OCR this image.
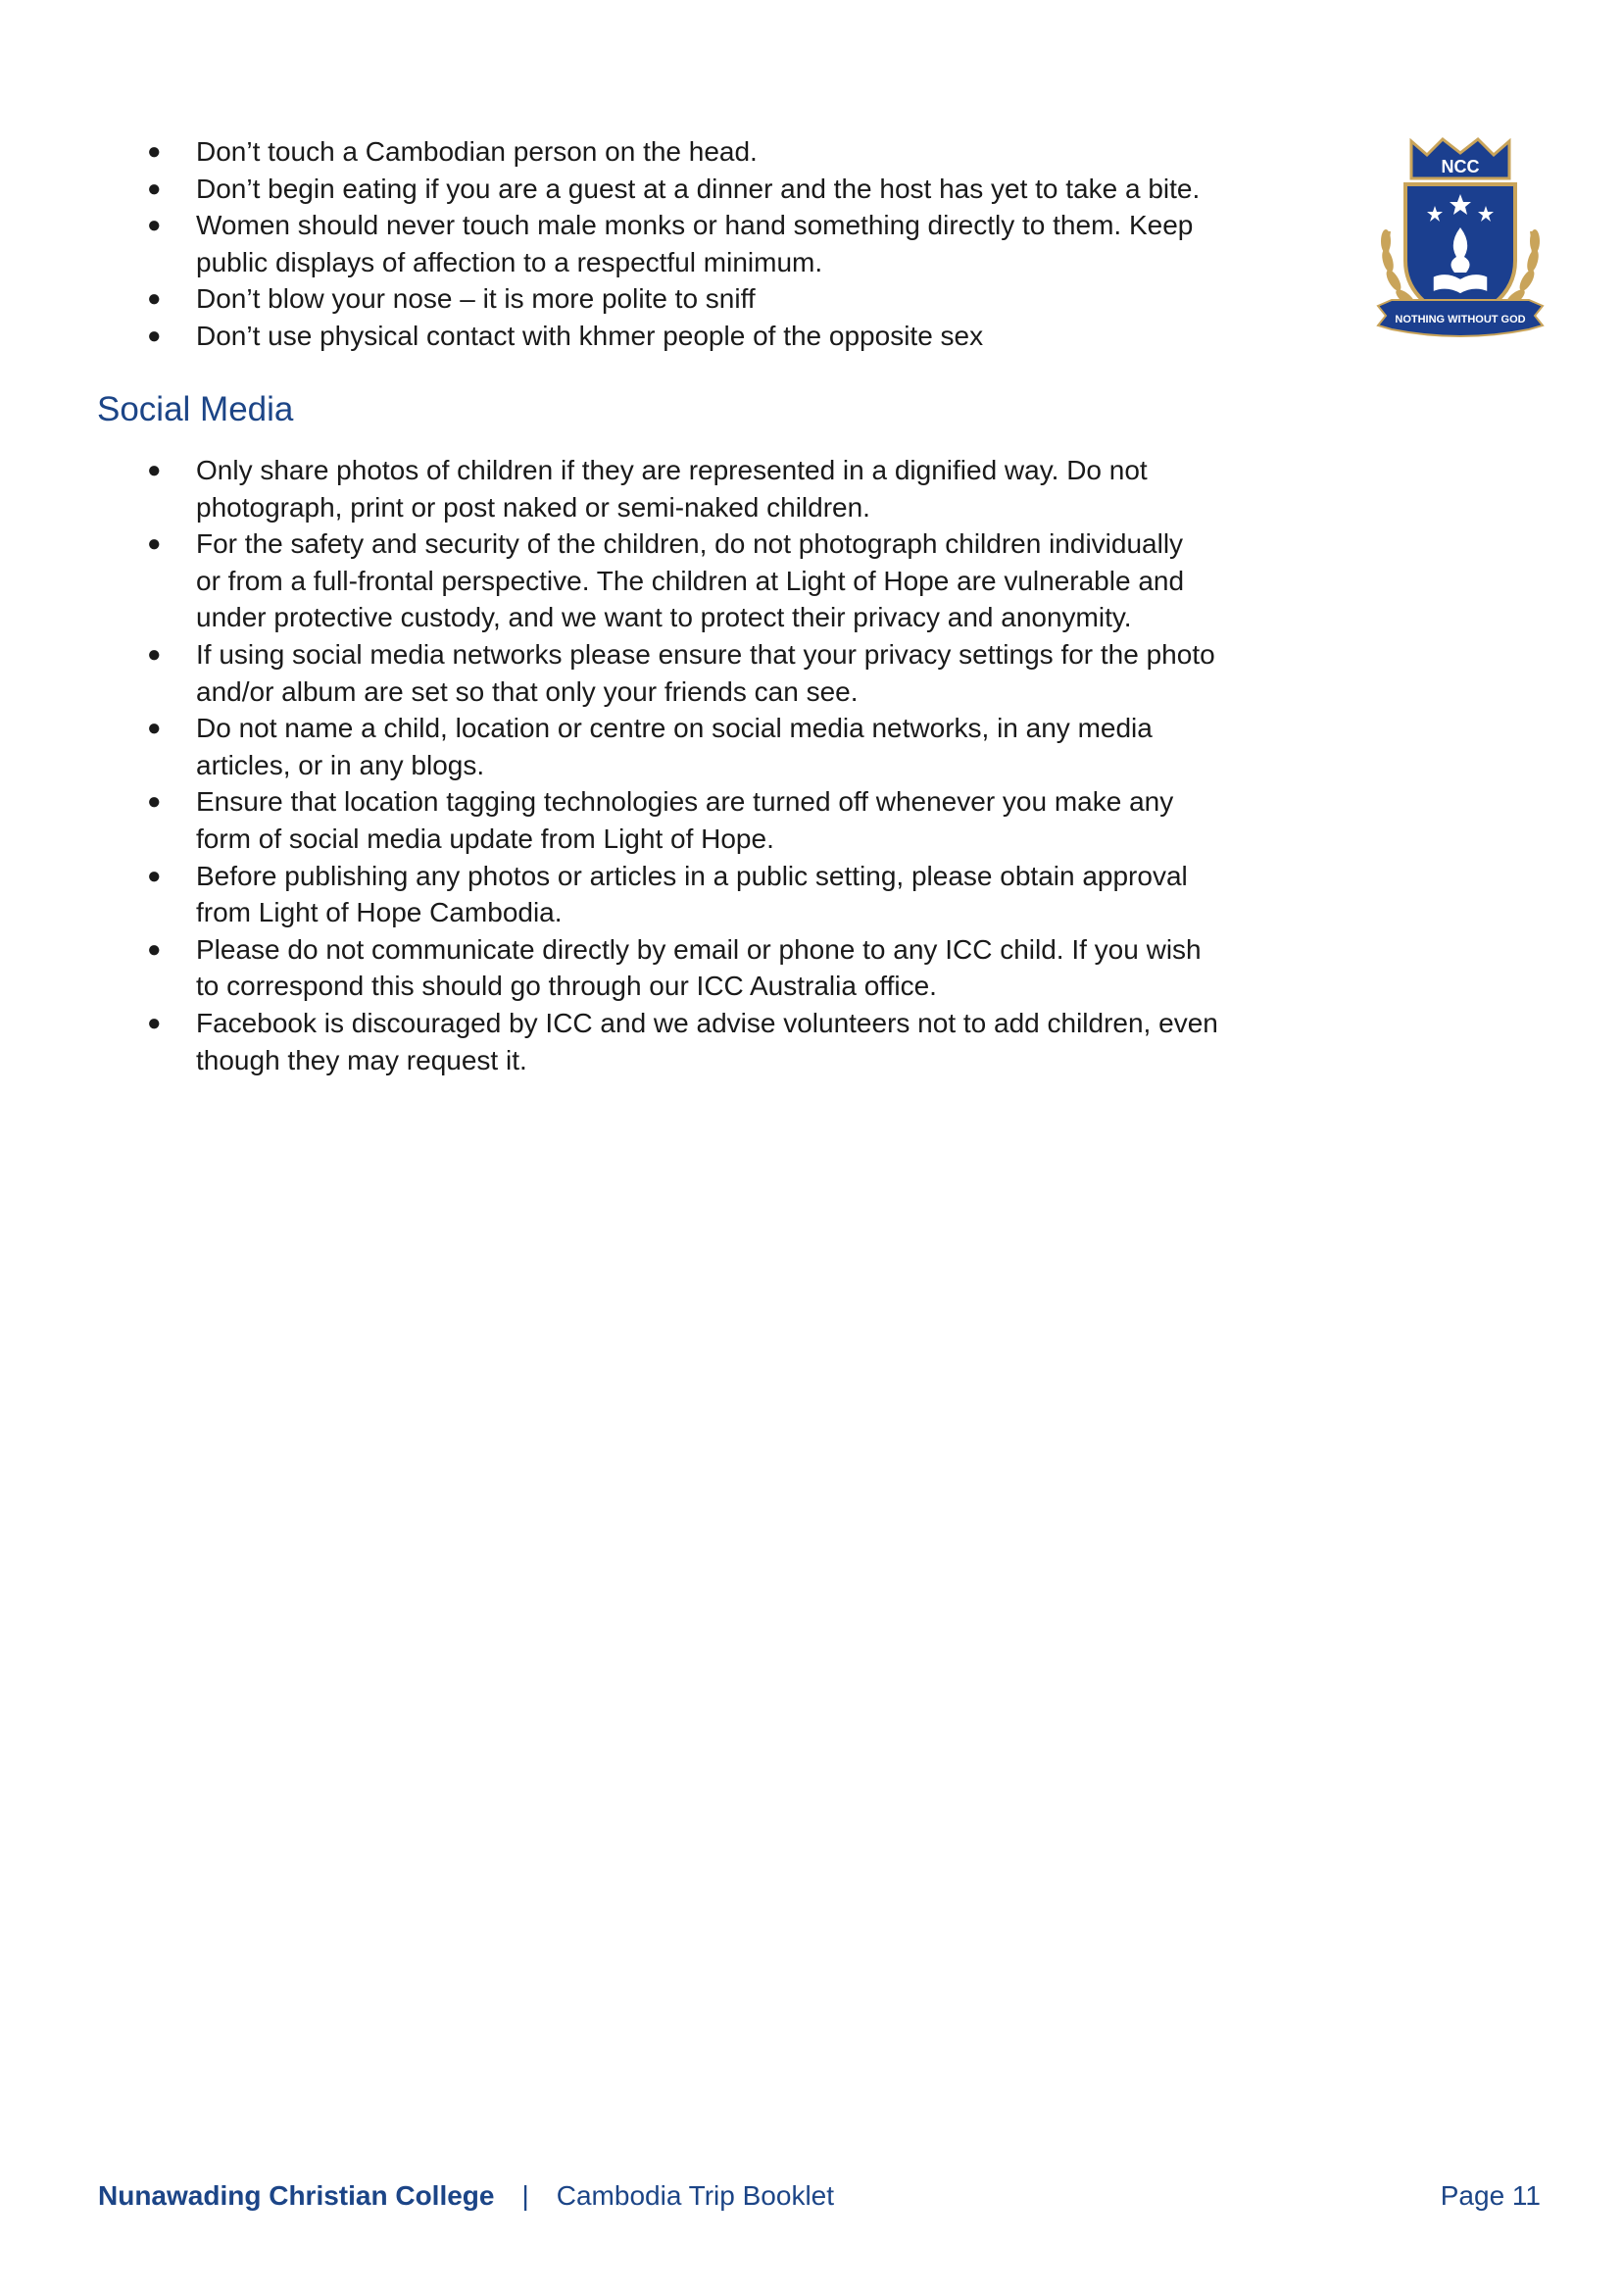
● Don’t touch a Cambodian person on the head.
● Don’t begin eating if you are a guest at a dinner and the host has yet to take a bite.
● Women should never touch male monks or hand something directly to them. Keep
public displays of affection to a respectful minimum.
● Don’t blow your nose – it is more polite to sniff
● Don’t use physical contact with khmer people of the opposite sex
NCC
NOTHING WITHOUT GOD
Social Media
● Only share photos of children if they are represented in a dignified way. Do not
photograph, print or post naked or semi-naked children.
● For the safety and security of the children, do not photograph children individually
or from a full-frontal perspective. The children at Light of Hope are vulnerable and
under protective custody, and we want to protect their privacy and anonymity.
● If using social media networks please ensure that your privacy settings for the photo
and/or album are set so that only your friends can see.
● Do not name a child, location or centre on social media networks, in any media
articles, or in any blogs.
● Ensure that location tagging technologies are turned off whenever you make any
form of social media update from Light of Hope.
● Before publishing any photos or articles in a public setting, please obtain approval
from Light of Hope Cambodia.
● Please do not communicate directly by email or phone to any ICC child. If you wish
to correspond this should go through our ICC Australia office.
● Facebook is discouraged by ICC and we advise volunteers not to add children, even
though they may request it.
Nunawading Christian College | Cambodia Trip Booklet	Page 11
